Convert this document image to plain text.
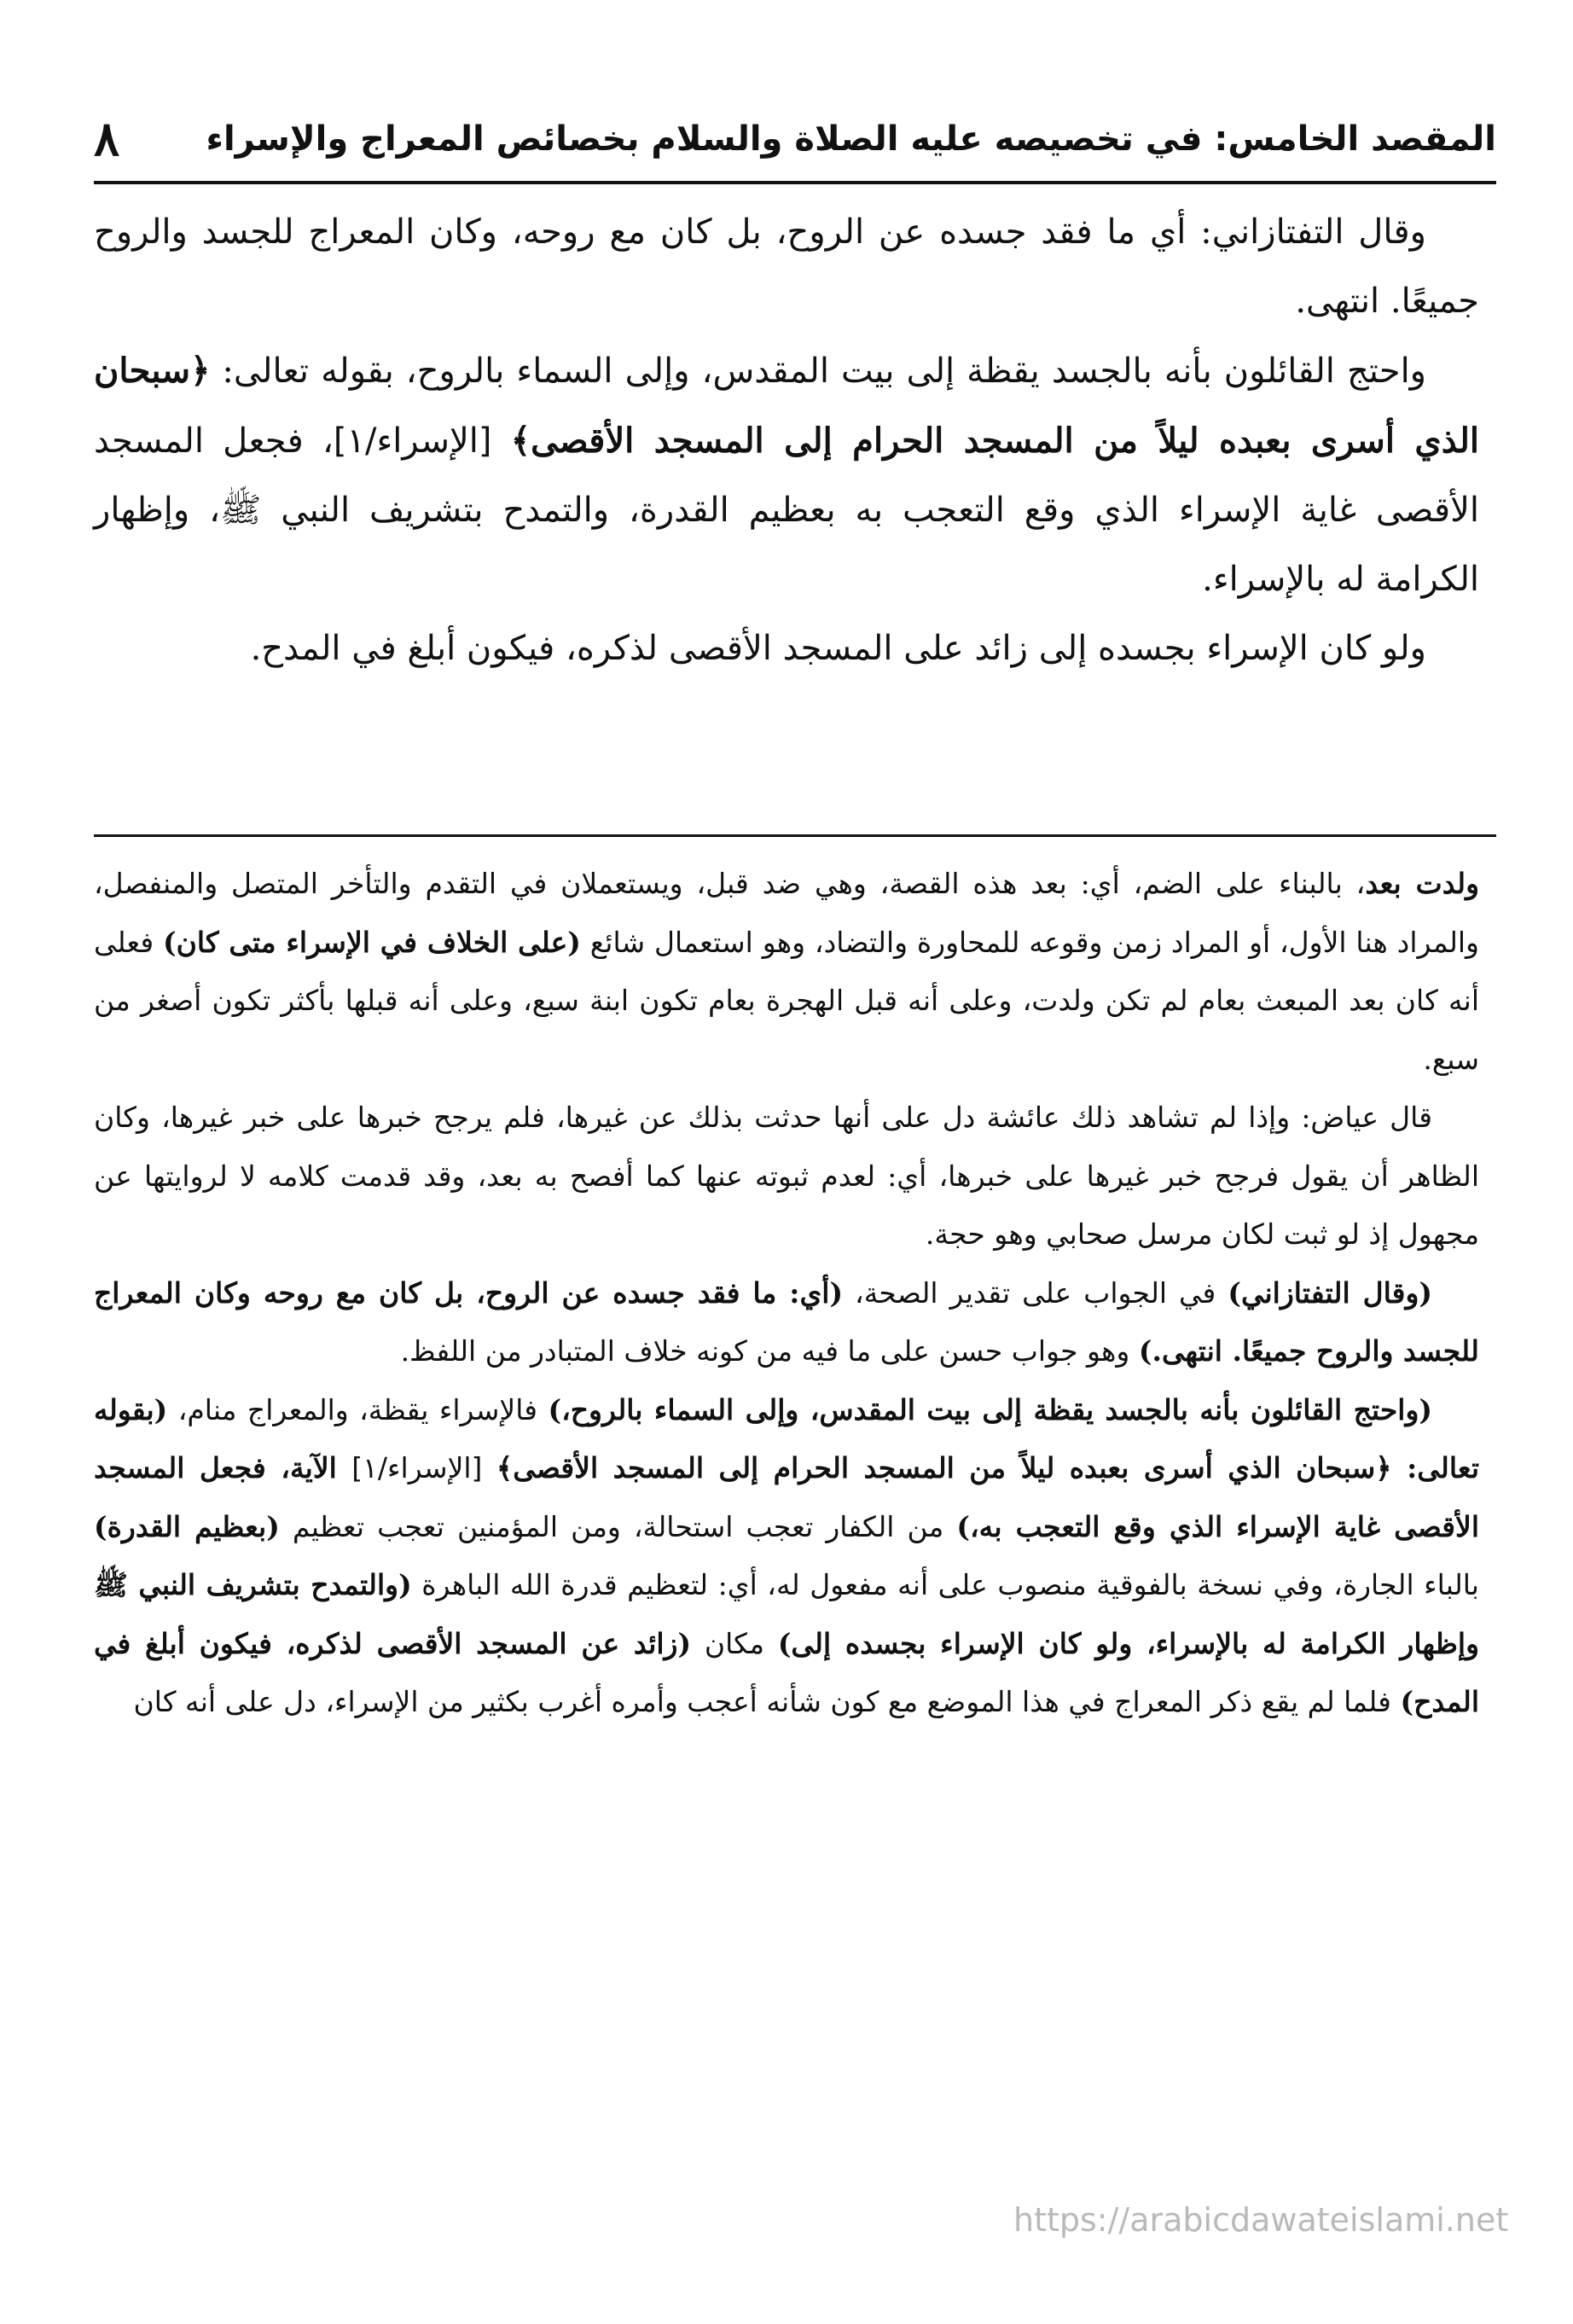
المقصد الخامس: في تخصيصه عليه الصلاة والسلام بخصائص المعراج والإسراء
٨

وقال التفتازاني: أي ما فقد جسده عن الروح، بل كان مع روحه، وكان المعراج للجسد والروح جميعًا. انتهى.

واحتج القائلون بأنه بالجسد يقظة إلى بيت المقدس، وإلى السماء بالروح، بقوله تعالى: ﴿سبحان الذي أسرى بعبده ليلاً من المسجد الحرام إلى المسجد الأقصى﴾ [الإسراء/١]، فجعل المسجد الأقصى غاية الإسراء الذي وقع التعجب به بعظيم القدرة، والتمدح بتشريف النبي ﷺ، وإظهار الكرامة له بالإسراء.

ولو كان الإسراء بجسده إلى زائد على المسجد الأقصى لذكره، فيكون أبلغ في المدح.

ولدت بعد، بالبناء على الضم، أي: بعد هذه القصة، وهي ضد قبل، ويستعملان في التقدم والتأخر المتصل والمنفصل، والمراد هنا الأول، أو المراد زمن وقوعه للمحاورة والتضاد، وهو استعمال شائع (على الخلاف في الإسراء متى كان) فعلى أنه كان بعد المبعث بعام لم تكن ولدت، وعلى أنه قبل الهجرة بعام تكون ابنة سبع، وعلى أنه قبلها بأكثر تكون أصغر من سبع.

قال عياض: وإذا لم تشاهد ذلك عائشة دل على أنها حدثت بذلك عن غيرها، فلم يرجح خبرها على خبر غيرها، وكان الظاهر أن يقول فرجح خبر غيرها على خبرها، أي: لعدم ثبوته عنها كما أفصح به بعد، وقد قدمت كلامه لا لروايتها عن مجهول إذ لو ثبت لكان مرسل صحابي وهو حجة.

(وقال التفتازاني) في الجواب على تقدير الصحة، (أي: ما فقد جسده عن الروح، بل كان مع روحه وكان المعراج للجسد والروح جميعًا. انتهى.) وهو جواب حسن على ما فيه من كونه خلاف المتبادر من اللفظ.

(واحتج القائلون بأنه بالجسد يقظة إلى بيت المقدس، وإلى السماء بالروح،) فالإسراء يقظة، والمعراج منام، (بقوله تعالى: ﴿سبحان الذي أسرى بعبده ليلاً من المسجد الحرام إلى المسجد الأقصى﴾ [الإسراء/١] الآية، فجعل المسجد الأقصى غاية الإسراء الذي وقع التعجب به،) من الكفار تعجب استحالة، ومن المؤمنين تعجب تعظيم (بعظيم القدرة) بالباء الجارة، وفي نسخة بالفوقية منصوب على أنه مفعول له، أي: لتعظيم قدرة الله الباهرة (والتمدح بتشريف النبي ﷺ وإظهار الكرامة له بالإسراء، ولو كان الإسراء بجسده إلى) مكان (زائد عن المسجد الأقصى لذكره، فيكون أبلغ في المدح) فلما لم يقع ذكر المعراج في هذا الموضع مع كون شأنه أعجب وأمره أغرب بكثير من الإسراء، دل على أنه كان

https://arabicdawateislami.net
